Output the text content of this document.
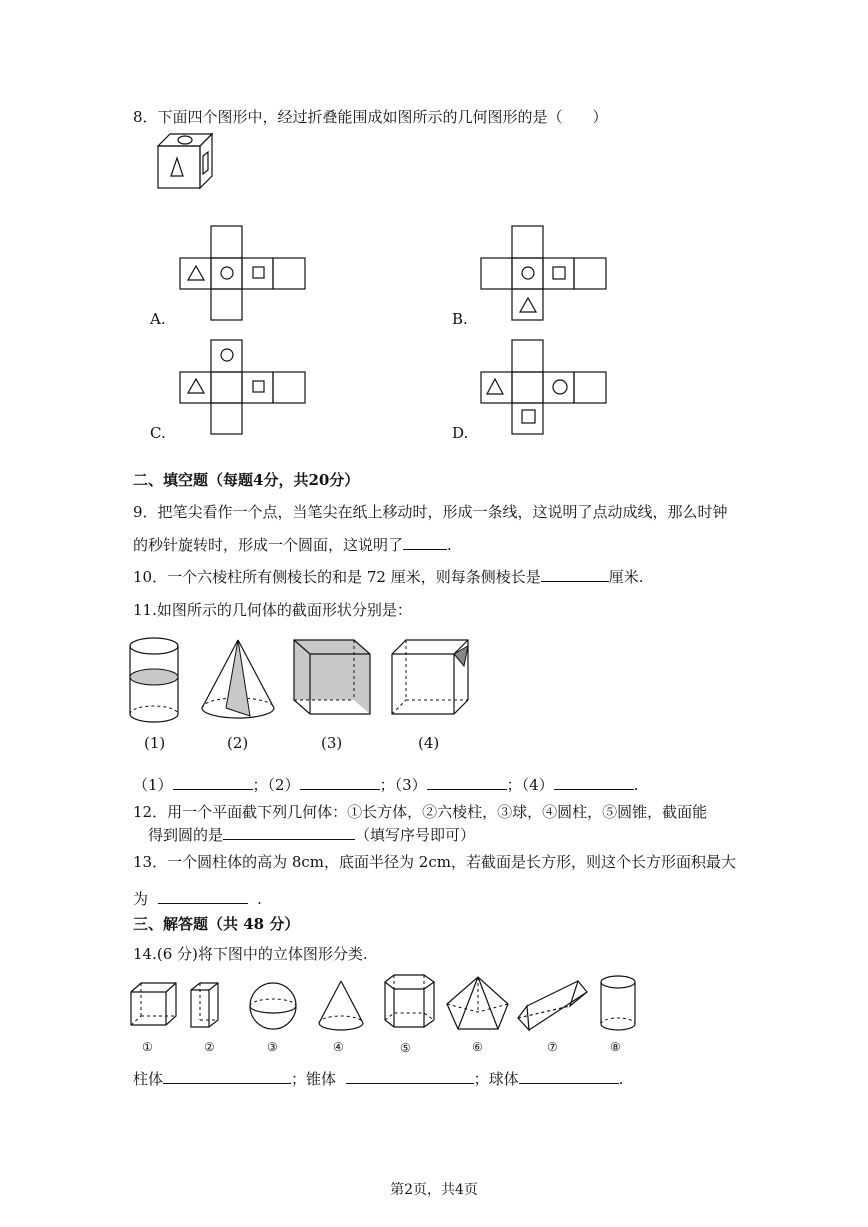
8．下面四个图形中，经过折叠能围成如图所示的几何图形的是（　　）
A.	B.
C.	D.
二、填空题（每题4分，共20分）
9．把笔尖看作一个点，当笔尖在纸上移动时，形成一条线，这说明了点动成线，那么时钟
的秒针旋转时，形成一个圆面，这说明了	.
10．一个六棱柱所有侧棱长的和是 72 厘米，则每条侧棱长是	厘米.
11.如图所示的几何体的截面形状分别是：
(1)	(2)	(3)	(4)
（1）	；（2）	；（3）	；（4）	.
12．用一个平面截下列几何体：①长方体，②六棱柱，③球，④圆柱，⑤圆锥，截面能
得到圆的是	（填写序号即可）
13．一个圆柱体的高为 8cm，底面半径为 2cm，若截面是长方形，则这个长方形面积最大
为	.
三、解答题（共 48 分）
14.(6 分)将下图中的立体图形分类.
①	②	③	④	⑤	⑥	⑦	⑧
柱体	；锥体	；球体	.
第2页，共4页
